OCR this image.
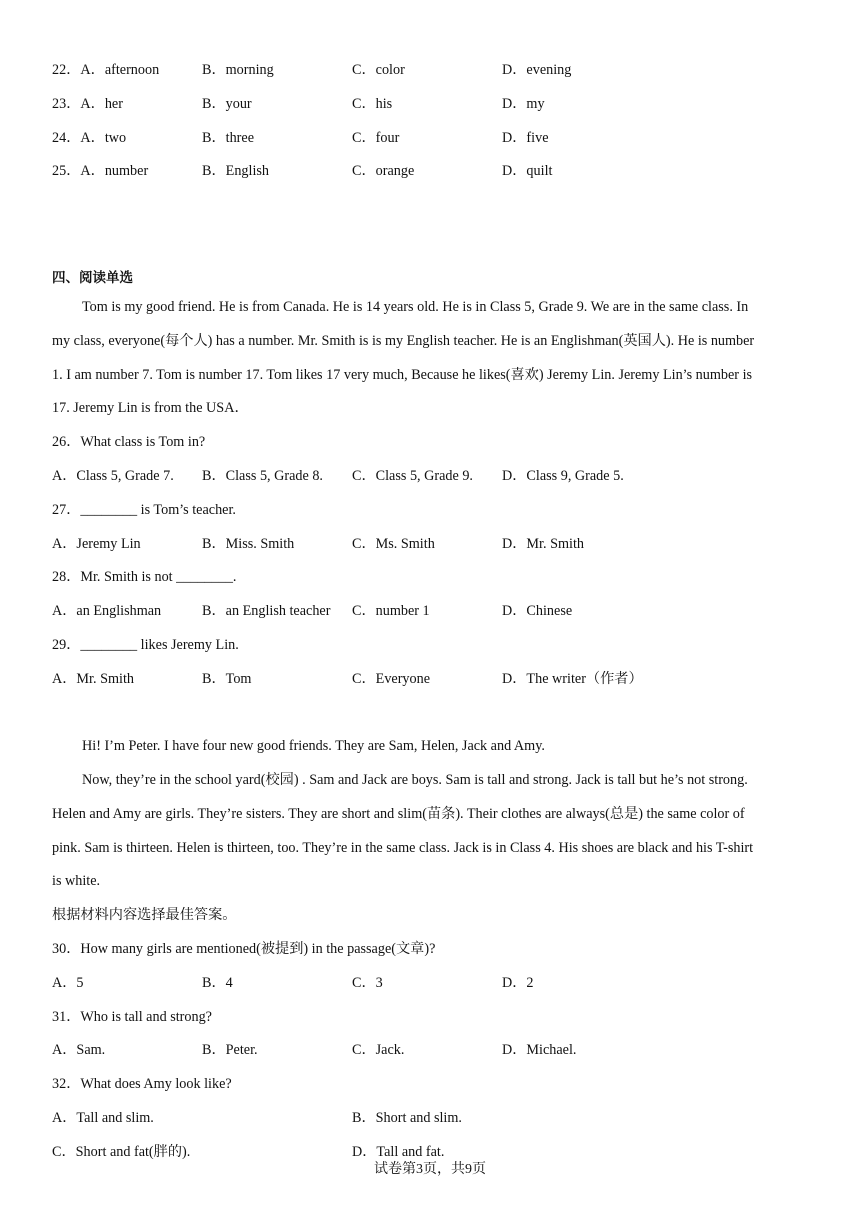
22．A．afternoon	B．morning	C．color	D．evening
23．A．her	B．your	C．his	D．my
24．A．two	B．three	C．four	D．five
25．A．number	B．English	C．orange	D．quilt
四、阅读单选
Tom is my good friend. He is from Canada. He is 14 years old. He is in Class 5, Grade 9. We are in the same class. In
my class, everyone(每个人) has a number. Mr. Smith is is my English teacher. He is an Englishman(英国人). He is number
1. I am number 7. Tom is number 17. Tom likes 17 very much, Because he likes(喜欢) Jeremy Lin. Jeremy Lin’s number is
17. Jeremy Lin is from the USA．
26．What class is Tom in?
A．Class 5, Grade 7. B．Class 5, Grade 8. C．Class 5, Grade 9. D．Class 9, Grade 5.
27．________ is Tom’s teacher.
A．Jeremy Lin	B．Miss. Smith	C．Ms. Smith	D．Mr. Smith
28．Mr. Smith is not ________.
A．an Englishman	B．an English teacher C．number 1	D．Chinese
29．________ likes Jeremy Lin.
A．Mr. Smith	B．Tom	C．Everyone	D．The writer（作者）
Hi! I’m Peter. I have four new good friends. They are Sam, Helen, Jack and Amy.
Now, they’re in the school yard(校园) . Sam and Jack are boys. Sam is tall and strong. Jack is tall but he’s not strong.
Helen and Amy are girls. They’re sisters. They are short and slim(苗条). Their clothes are always(总是) the same color of
pink. Sam is thirteen. Helen is thirteen, too. They’re in the same class. Jack is in Class 4. His shoes are black and his T-shirt
is white.
根据材料内容选择最佳答案。
30．How many girls are mentioned(被提到) in the passage(文章)?
A．5	B．4	C．3	D．2
31．Who is tall and strong?
A．Sam.	B．Peter.	C．Jack.	D．Michael.
32．What does Amy look like?
A．Tall and slim.	B．Short and slim.
C．Short and fat(胖的).	D．Tall and fat.
试卷第3页，共9页
